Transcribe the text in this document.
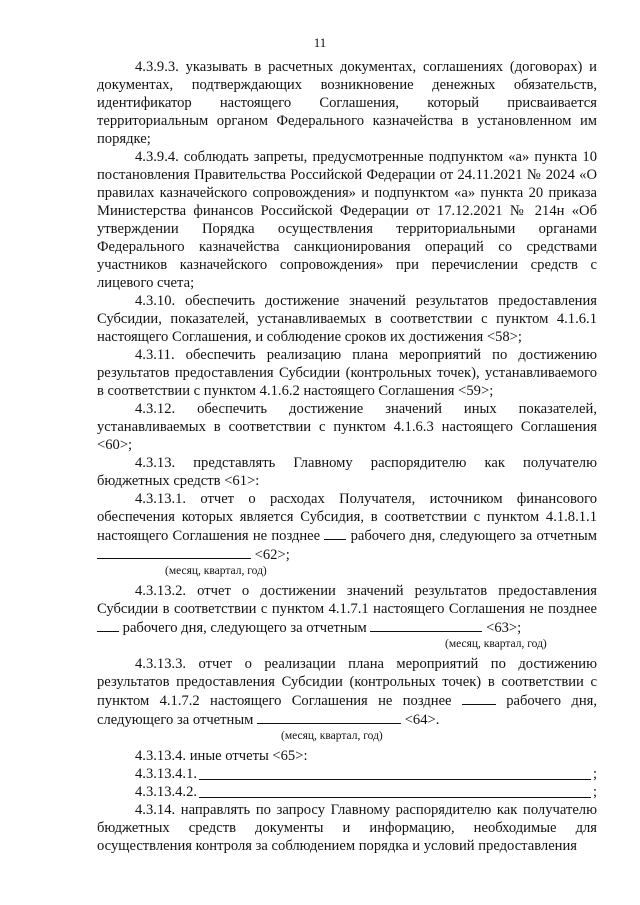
11

4.3.9.3. указывать в расчетных документах, соглашениях (договорах) и документах, подтверждающих возникновение денежных обязательств, идентификатор настоящего Соглашения, который присваивается территориальным органом Федерального казначейства в установленном им порядке;

4.3.9.4. соблюдать запреты, предусмотренные подпунктом «а» пункта 10 постановления Правительства Российской Федерации от 24.11.2021 № 2024 «О правилах казначейского сопровождения» и подпунктом «а» пункта 20 приказа Министерства финансов Российской Федерации от 17.12.2021 № 214н «Об утверждении Порядка осуществления территориальными органами Федерального казначейства санкционирования операций со средствами участников казначейского сопровождения» при перечислении средств с лицевого счета;

4.3.10. обеспечить достижение значений результатов предоставления Субсидии, показателей, устанавливаемых в соответствии с пунктом 4.1.6.1 настоящего Соглашения, и соблюдение сроков их достижения <58>;

4.3.11. обеспечить реализацию плана мероприятий по достижению результатов предоставления Субсидии (контрольных точек), устанавливаемого в соответствии с пунктом 4.1.6.2 настоящего Соглашения <59>;

4.3.12. обеспечить достижение значений иных показателей, устанавливаемых в соответствии с пунктом 4.1.6.3 настоящего Соглашения <60>;

4.3.13. представлять Главному распорядителю как получателю бюджетных средств <61>:

4.3.13.1. отчет о расходах Получателя, источником финансового обеспечения которых является Субсидия, в соответствии с пунктом 4.1.8.1.1 настоящего Соглашения не позднее рабочего дня, следующего за отчетным  <62>;

(месяц, квартал, год)

4.3.13.2. отчет о достижении значений результатов предоставления Субсидии в соответствии с пунктом 4.1.7.1 настоящего Соглашения не позднее  рабочего дня, следующего за отчетным	<63>;

(месяц, квартал, год)

4.3.13.3. отчет о реализации плана мероприятий по достижению результатов предоставления Субсидии (контрольных точек) в соответствии с пунктом 4.1.7.2 настоящего Соглашения не позднее	рабочего дня, следующего за отчетным	<64>.

(месяц, квартал, год)

4.3.13.4. иные отчеты <65>:

4.3.13.4.1.	;
4.3.13.4.2.	;

4.3.14. направлять по запросу Главному распорядителю как получателю бюджетных средств документы и информацию, необходимые для осуществления контроля за соблюдением порядка и условий предоставления
